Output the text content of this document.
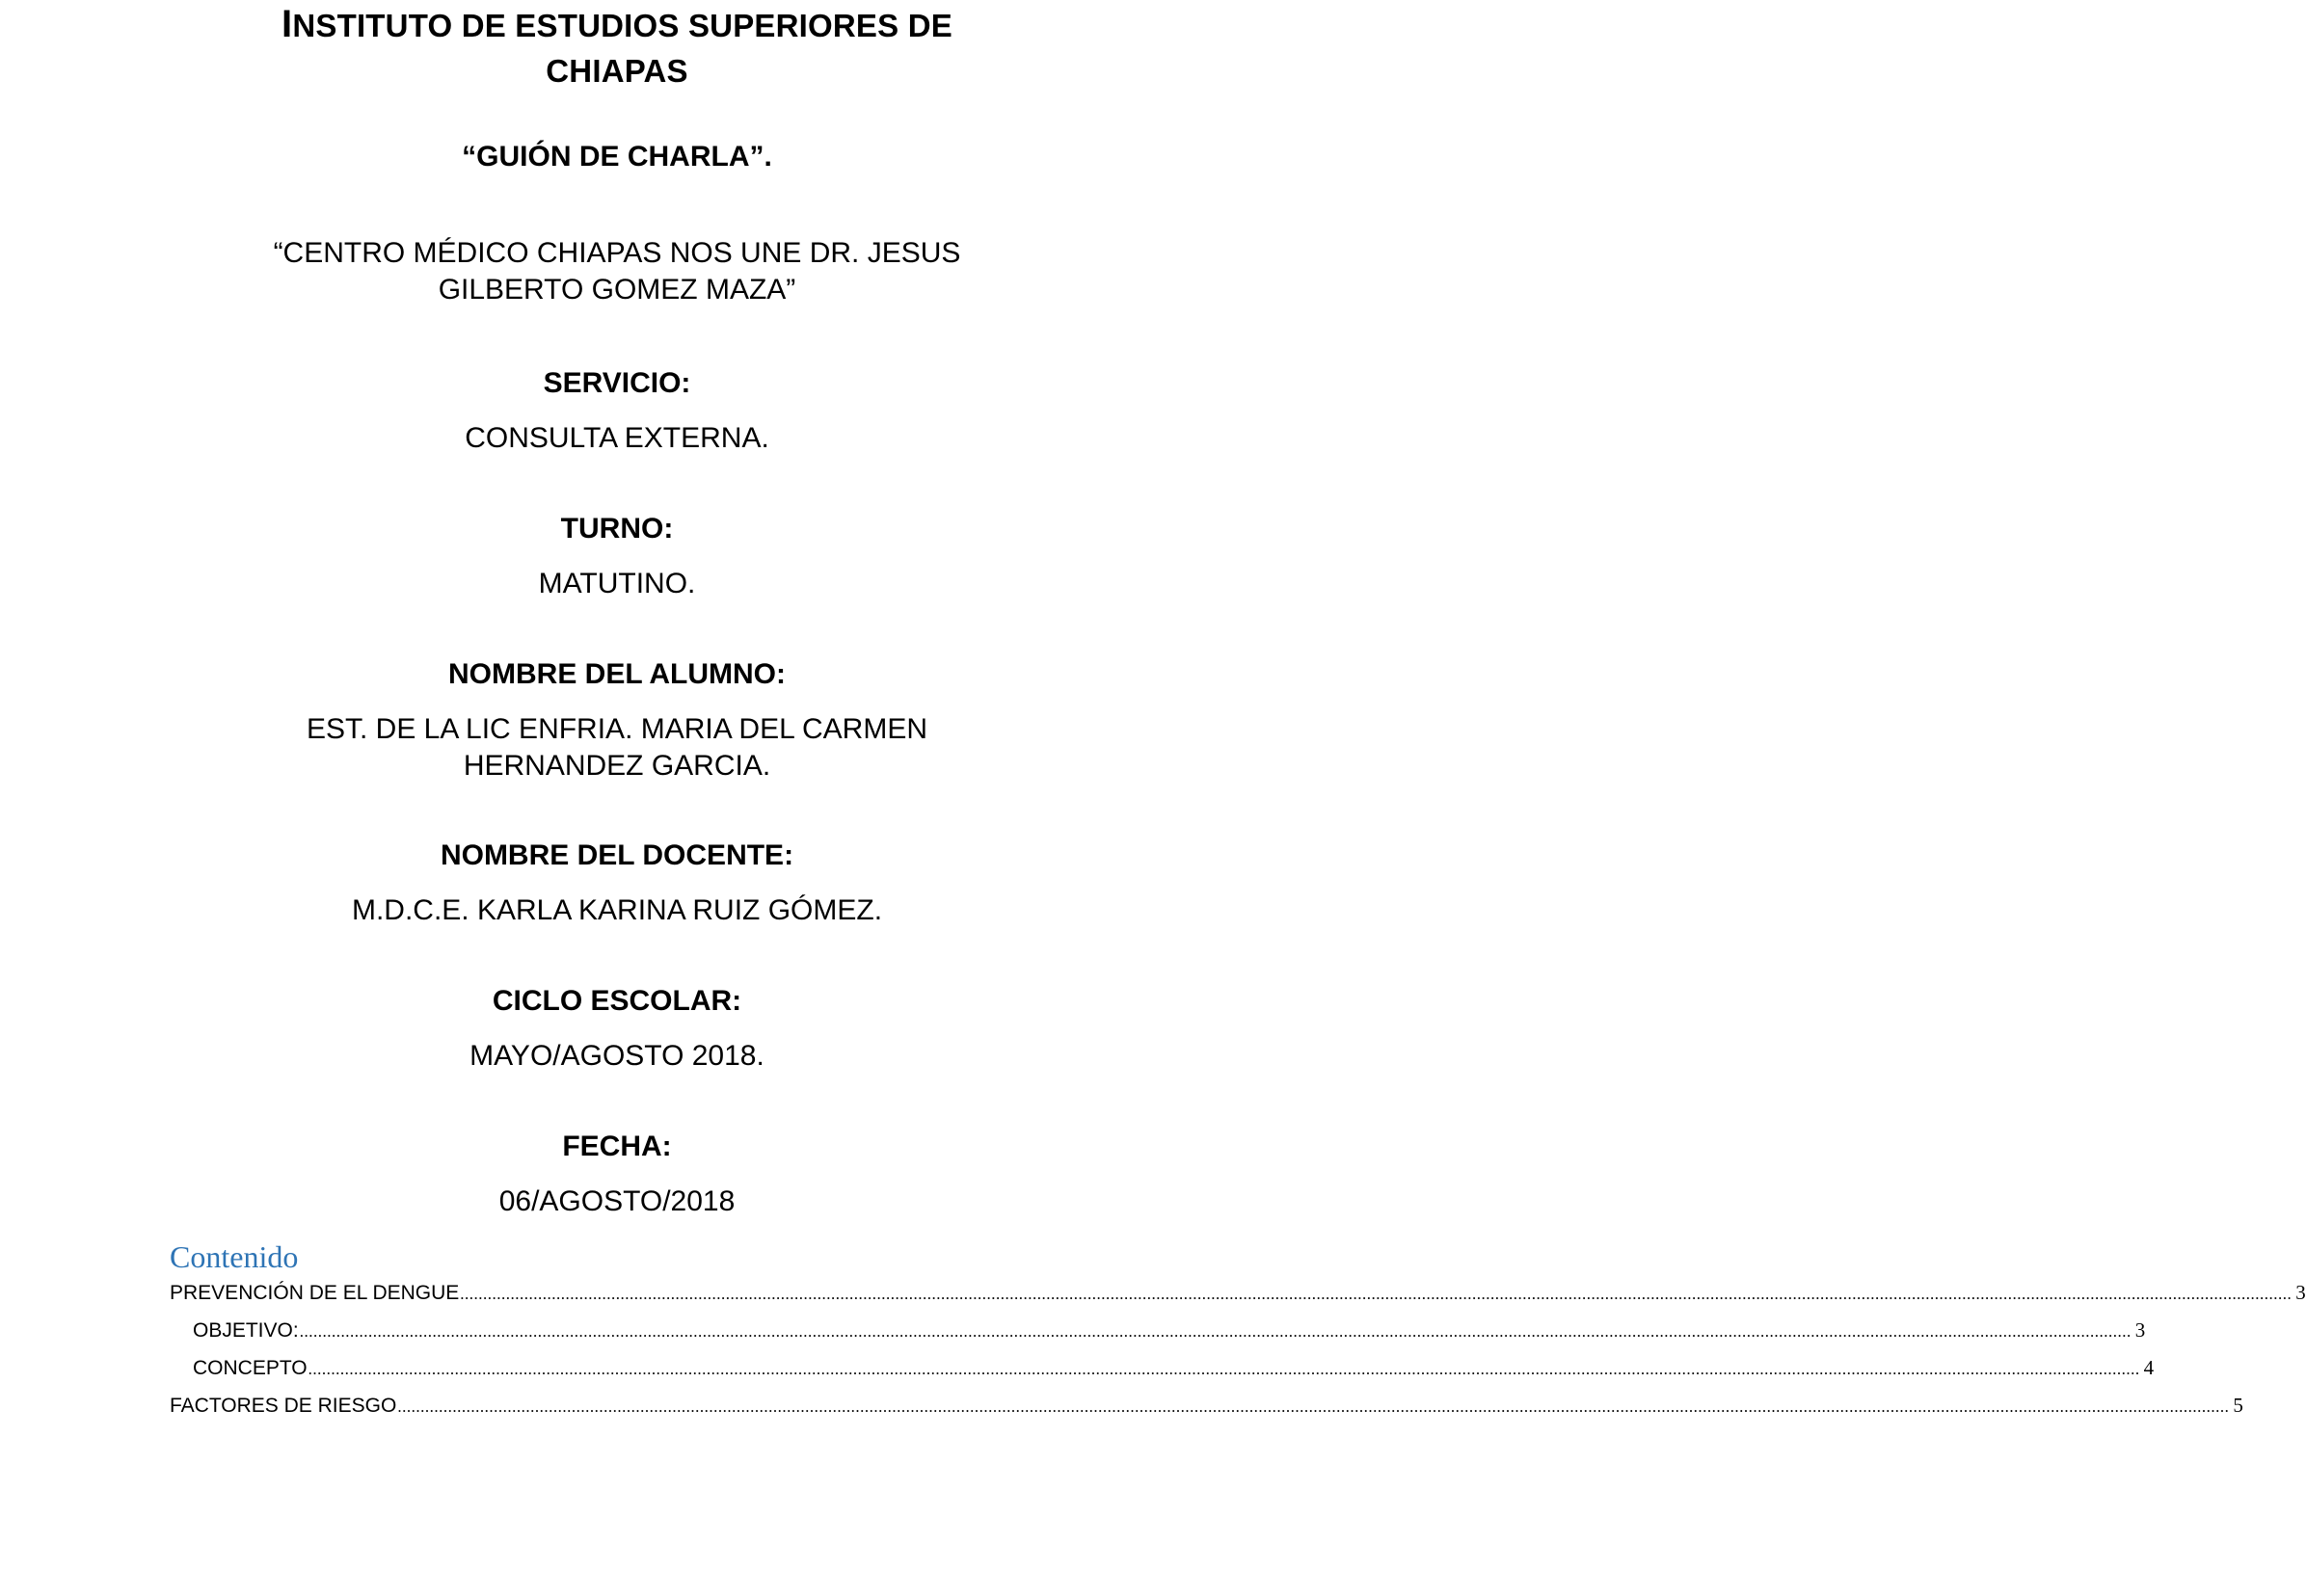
INSTITUTO DE ESTUDIOS SUPERIORES DE
CHIAPAS
“GUIÓN DE CHARLA”.
“CENTRO MÉDICO CHIAPAS NOS UNE DR. JESUS
GILBERTO GOMEZ MAZA”
SERVICIO:
CONSULTA EXTERNA.
TURNO:
MATUTINO.
NOMBRE DEL ALUMNO:
EST. DE LA LIC ENFRIA. MARIA DEL CARMEN
HERNANDEZ GARCIA.
NOMBRE DEL DOCENTE:
M.D.C.E. KARLA KARINA RUIZ GÓMEZ.
CICLO ESCOLAR:
MAYO/AGOSTO 2018.
FECHA:
06/AGOSTO/2018
Contenido
PREVENCIÓN DE EL DENGUE ................................................................................................................................................................................................................................................................................................................................................................................................................ 3
OBJETIVO: ................................................................................................................................................................................................................................................................................................................................................................................................................ 3
CONCEPTO ................................................................................................................................................................................................................................................................................................................................................................................................................ 4
FACTORES DE RIESGO ................................................................................................................................................................................................................................................................................................................................................................................................................ 5
